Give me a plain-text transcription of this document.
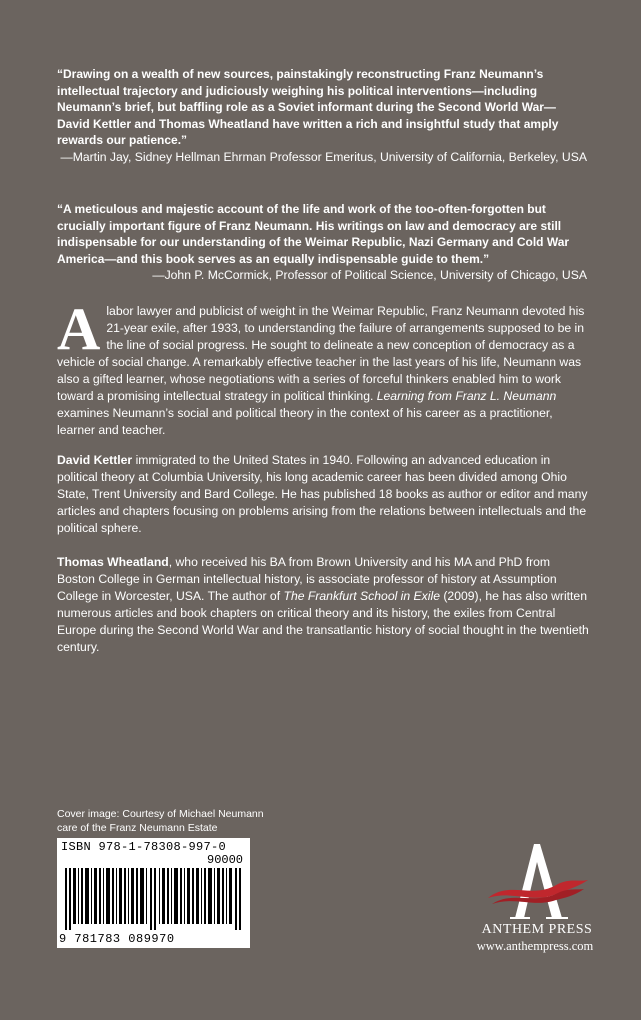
“Drawing on a wealth of new sources, painstakingly reconstructing Franz Neumann’s intellectual trajectory and judiciously weighing his political interventions—including Neumann’s brief, but baffling role as a Soviet informant during the Second World War—David Kettler and Thomas Wheatland have written a rich and insightful study that amply rewards our patience.”

—Martin Jay, Sidney Hellman Ehrman Professor Emeritus, University of California, Berkeley, USA

“A meticulous and majestic account of the life and work of the too-often-forgotten but crucially important figure of Franz Neumann. His writings on law and democracy are still indispensable for our understanding of the Weimar Republic, Nazi Germany and Cold War America—and this book serves as an equally indispensable guide to them.”

—John P. McCormick, Professor of Political Science, University of Chicago, USA

A labor lawyer and publicist of weight in the Weimar Republic, Franz Neumann devoted his 21-year exile, after 1933, to understanding the failure of arrangements supposed to be in the line of social progress. He sought to delineate a new conception of democracy as a vehicle of social change. A remarkably effective teacher in the last years of his life, Neumann was also a gifted learner, whose negotiations with a series of forceful thinkers enabled him to work toward a promising intellectual strategy in political thinking. Learning from Franz L. Neumann examines Neumann’s social and political theory in the context of his career as a practitioner, learner and teacher.

David Kettler immigrated to the United States in 1940. Following an advanced education in political theory at Columbia University, his long academic career has been divided among Ohio State, Trent University and Bard College. He has published 18 books as author or editor and many articles and chapters focusing on problems arising from the relations between intellectuals and the political sphere.

Thomas Wheatland, who received his BA from Brown University and his MA and PhD from Boston College in German intellectual history, is associate professor of history at Assumption College in Worcester, USA. The author of The Frankfurt School in Exile (2009), he has also written numerous articles and book chapters on critical theory and its history, the exiles from Central Europe during the Second World War and the transatlantic history of social thought in the twentieth century.

Cover image: Courtesy of Michael Neumann
care of the Franz Neumann Estate
ISBN 978-1-78308-997-0
90000
9 781783 089970
ANTHEM PRESS
www.anthempress.com
